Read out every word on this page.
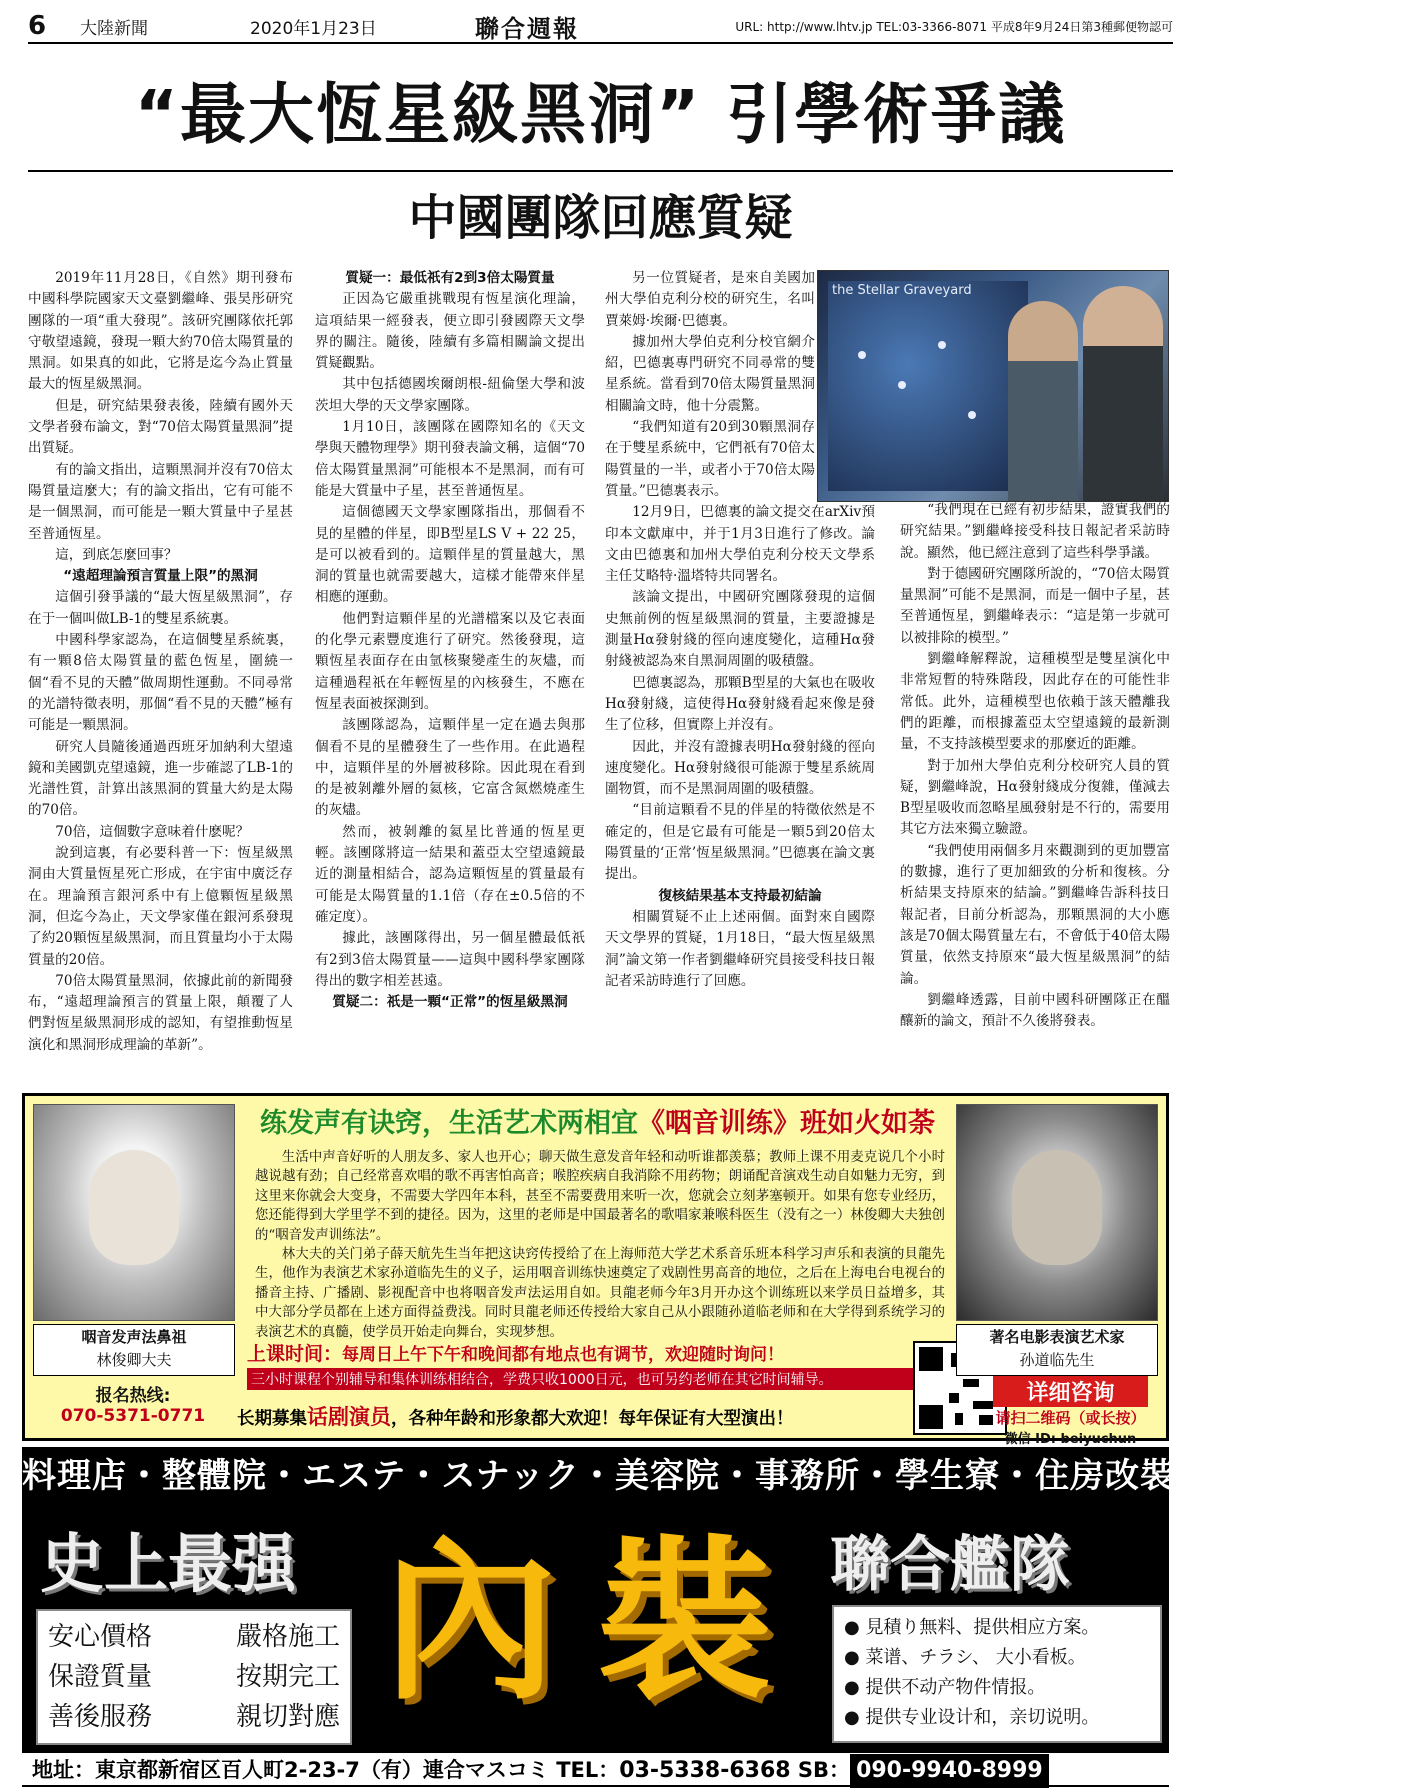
6	大陸新聞	2020年1月23日	聯合週報	URL: http://www.lhtv.jp TEL:03-3366-8071 平成8年9月24日第3種郵便物認可
“最大恆星級黑洞” 引學術爭議
中國團隊回應質疑

2019年11月28日，《自然》期刊發布中國科學院國家天文臺劉繼峰、張昊彤研究團隊的一項“重大發現”。該研究團隊依托郭守敬望遠鏡，發現一顆大約70倍太陽質量的黑洞。如果真的如此，它將是迄今為止質量最大的恆星級黑洞。

但是，研究結果發表後，陸續有國外天文學者發布論文，對“70倍太陽質量黑洞”提出質疑。

有的論文指出，這顆黑洞并沒有70倍太陽質量這麼大；有的論文指出，它有可能不是一個黑洞，而可能是一顆大質量中子星甚至普通恆星。

這，到底怎麼回事？

“遠超理論預言質量上限”的黑洞

這個引發爭議的“最大恆星級黑洞”，存在于一個叫做LB-1的雙星系統裏。

中國科學家認為，在這個雙星系統裏，有一顆8倍太陽質量的藍色恆星，圍繞一個“看不見的天體”做周期性運動。不同尋常的光譜特徵表明，那個“看不見的天體”極有可能是一顆黑洞。

研究人員隨後通過西班牙加納利大望遠鏡和美國凱克望遠鏡，進一步確認了LB-1的光譜性質，計算出該黑洞的質量大約是太陽的70倍。

70倍，這個數字意味着什麽呢？

說到這裏，有必要科普一下：恆星級黑洞由大質量恆星死亡形成，在宇宙中廣泛存在。理論預言銀河系中有上億顆恆星級黑洞，但迄今為止，天文學家僅在銀河系發現了約20顆恆星級黑洞，而且質量均小于太陽質量的20倍。

70倍太陽質量黑洞，依據此前的新聞發布，“遠超理論預言的質量上限，顛覆了人們對恆星級黑洞形成的認知，有望推動恆星演化和黑洞形成理論的革新”。

質疑一：最低祇有2到3倍太陽質量

正因為它嚴重挑戰現有恆星演化理論，這項結果一經發表，便立即引發國際天文學界的關注。隨後，陸續有多篇相關論文提出質疑觀點。

其中包括德國埃爾朗根-紐倫堡大學和波茨坦大學的天文學家團隊。

1月10日，該團隊在國際知名的《天文學與天體物理學》期刊發表論文稱，這個“70倍太陽質量黑洞”可能根本不是黑洞，而有可能是大質量中子星，甚至普通恆星。

這個德國天文學家團隊指出，那個看不見的星體的伴星，即B型星LS V + 22 25，是可以被看到的。這顆伴星的質量越大，黑洞的質量也就需要越大，這樣才能帶來伴星相應的運動。

他們對這顆伴星的光譜檔案以及它表面的化學元素豐度進行了研究。然後發現，這顆恆星表面存在由氫核聚變產生的灰燼，而這種過程祇在年輕恆星的內核發生，不應在恆星表面被探測到。

該團隊認為，這顆伴星一定在過去與那個看不見的星體發生了一些作用。在此過程中，這顆伴星的外層被移除。因此現在看到的是被剝離外層的氦核，它富含氮燃燒產生的灰燼。

然而，被剝離的氦星比普通的恆星更輕。該團隊將這一結果和蓋亞太空望遠鏡最近的測量相結合，認為這顆恆星的質量最有可能是太陽質量的1.1倍（存在±0.5倍的不確定度）。

據此，該團隊得出，另一個星體最低祇有2到3倍太陽質量——這與中國科學家團隊得出的數字相差甚遠。

質疑二：祇是一顆“正常”的恆星級黑洞

另一位質疑者，是來自美國加州大學伯克利分校的研究生，名叫賈萊姆·埃爾·巴德裏。

據加州大學伯克利分校官網介紹，巴德裏專門研究不同尋常的雙星系統。當看到70倍太陽質量黑洞相關論文時，他十分震驚。

“我們知道有20到30顆黑洞存在于雙星系統中，它們祇有70倍太陽質量的一半，或者小于70倍太陽質量。”巴德裏表示。

12月9日，巴德裏的論文提交在arXiv預印本文獻庫中，并于1月3日進行了修改。論文由巴德裏和加州大學伯克利分校天文學系主任艾略特·溫塔特共同署名。

該論文提出，中國研究團隊發現的這個史無前例的恆星級黑洞的質量，主要證據是測量Hα發射綫的徑向速度變化，這種Hα發射綫被認為來自黑洞周圍的吸積盤。

巴德裏認為，那顆B型星的大氣也在吸收Hα發射綫，這使得Hα發射綫看起來像是發生了位移，但實際上并沒有。

因此，并沒有證據表明Hα發射綫的徑向速度變化。Hα發射綫很可能源于雙星系統周圍物質，而不是黑洞周圍的吸積盤。

“目前這顆看不見的伴星的特徵依然是不確定的，但是它最有可能是一顆5到20倍太陽質量的‘正常’恆星級黑洞。”巴德裏在論文裏提出。

復核結果基本支持最初結論

相關質疑不止上述兩個。面對來自國際天文學界的質疑，1月18日，“最大恆星級黑洞”論文第一作者劉繼峰研究員接受科技日報記者采訪時進行了回應。

the Stellar Graveyard

“我們現在已經有初步結果，證實我們的研究結果。”劉繼峰接受科技日報記者采訪時說。顯然，他已經注意到了這些科學爭議。

對于德國研究團隊所說的，“70倍太陽質量黑洞”可能不是黑洞，而是一個中子星，甚至普通恆星，劉繼峰表示：“這是第一步就可以被排除的模型。”

劉繼峰解釋說，這種模型是雙星演化中非常短暫的特殊階段，因此存在的可能性非常低。此外，這種模型也依賴于該天體離我們的距離，而根據蓋亞太空望遠鏡的最新測量，不支持該模型要求的那麼近的距離。

對于加州大學伯克利分校研究人員的質疑，劉繼峰說，Hα發射綫成分復雜，僅減去B型星吸收而忽略星風發射是不行的，需要用其它方法來獨立驗證。

“我們使用兩個多月來觀測到的更加豐富的數據，進行了更加細致的分析和復核。分析結果支持原來的結論。”劉繼峰告訴科技日報記者，目前分析認為，那顆黑洞的大小應該是70個太陽質量左右，不會低于40倍太陽質量，依然支持原來“最大恆星級黑洞”的結論。

劉繼峰透露，目前中國科研團隊正在醞釀新的論文，預計不久後將發表。

咽音发声法鼻祖
林俊卿大夫
练发声有诀窍，生活艺术两相宜《咽音训练》班如火如荼

生活中声音好听的人朋友多、家人也开心；聊天做生意发音年轻和动听谁都羡慕；教师上课不用麦克说几个小时越说越有劲；自己经常喜欢唱的歌不再害怕高音；喉腔疾病自我消除不用药物；朗诵配音演戏生动自如魅力无穷，到这里来你就会大变身，不需要大学四年本科，甚至不需要费用来听一次，您就会立刻茅塞顿开。如果有您专业经历，您还能得到大学里学不到的捷径。因为，这里的老师是中国最著名的歌唱家兼喉科医生（没有之一）林俊卿大夫独创的“咽音发声训练法”。

林大夫的关门弟子薛天航先生当年把这诀窍传授给了在上海师范大学艺术系音乐班本科学习声乐和表演的貝龍先生，他作为表演艺术家孙道临先生的义子，运用咽音训练快速奠定了戏剧性男高音的地位，之后在上海电台电视台的播音主持、广播剧、影视配音中也将咽音发声法运用自如。貝龍老师今年3月开办这个训练班以来学员日益增多，其中大部分学员都在上述方面得益费浅。同时貝龍老师还传授给大家自己从小跟随孙道临老师和在大学得到系统学习的表演艺术的真髓，使学员开始走向舞台，实现梦想。

上课时间：每周日上午下午和晚间都有地点也有调节，欢迎随时询问！
三小时课程个别辅导和集体训练相结合，学费只收1000日元，也可另约老师在其它时间辅导。
报名热线:
070-5371-0771	长期募集话剧演员，各种年龄和形象都大欢迎！每年保证有大型演出！
著名电影表演艺术家
孙道临先生
详细咨询
请扫二维码（或长按）
微信 ID: beiyuchun
料理店・整體院・エステ・スナック・美容院・事務所・學生寮・住房改裝等一切內外工事
史上最强 內裝 聯合艦隊
安心價格	嚴格施工
保證質量	按期完工
善後服務	親切對應
● 見積り無料、提供相应方案。
● 菜谱、チラシ、 大小看板。
● 提供不动产物件情报。
● 提供专业设计和，亲切说明。
地址：東京都新宿区百人町2-23-7（有）連合マスコミ TEL：03-5338-6368 SB： 090-9940-8999
